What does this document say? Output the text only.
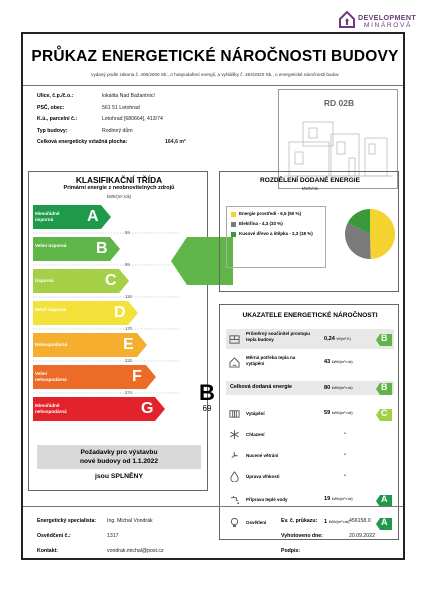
DEVELOPMENT
MINÁROVÁ
PRŮKAZ ENERGETICKÉ NÁROČNOSTI BUDOVY
vydaný podle zákona č. 406/2000 Sb., o hospodaření energií, a vyhlášky č. 264/2020 Sb., o energetické náročnosti budov
Ulice, č.p./č.o.:	lokalita Nad Bažantnicí
PSČ, obec:	561 51 Letohrad
K.ú., parcelní č.:	Letohrad [680664], 413/74
Typ budovy:	Rodinný dům
Celková energeticky vztažná plocha:	164,6 m²
RD 02B
KLASIFIKAČNÍ TŘÍDA
Primární energie z neobnovitelných zdrojů
kWh/(m².rok)
59
Mimořádně úsporná	A
89
Velmi úsporná	B
118
Úsporná	C
170
Méně úsporná	D
222
Nehospodárná	E
274
Velmi nehospodárná	F
Mimořádně nehospodárná	G
B
69
Požadavky pro výstavbu
nové budovy od 1.1.2022
jsou SPLNĚNY
ROZDĚLENÍ DODANÉ ENERGIE
MWh/rok
Energie prostředí - 6,5 (50 %)
Elektřina - 4,3 (33 %)
Kusové dřevo a štěpka - 2,3 (18 %)
UKAZATELE ENERGETICKÉ NÁROČNOSTI
Průměrný součinitel prostupu tepla budovy	0,24 W/(m².K)	B
Měrná potřeba tepla na vytápění	43 kWh/(m².rok)
Celková dodaná energie	80 kWh/(m².rok)	B
Vytápění	59 kWh/(m².rok)	C
Chlazení	-
Nucené větrání	-
Úprava vlhkosti	-
Příprava teplé vody	19 kWh/(m².rok)	A
Osvětlení	1 kWh/(m².rok)	A
Energetický specialista: Ing. Michal Vondrák
Osvědčení č.:	1317
Kontakt:	vondrak.michal@post.cz
Ev. č. průkazu:	456158.0
Vyhotoveno dne:	20.09.2022
Podpis:
